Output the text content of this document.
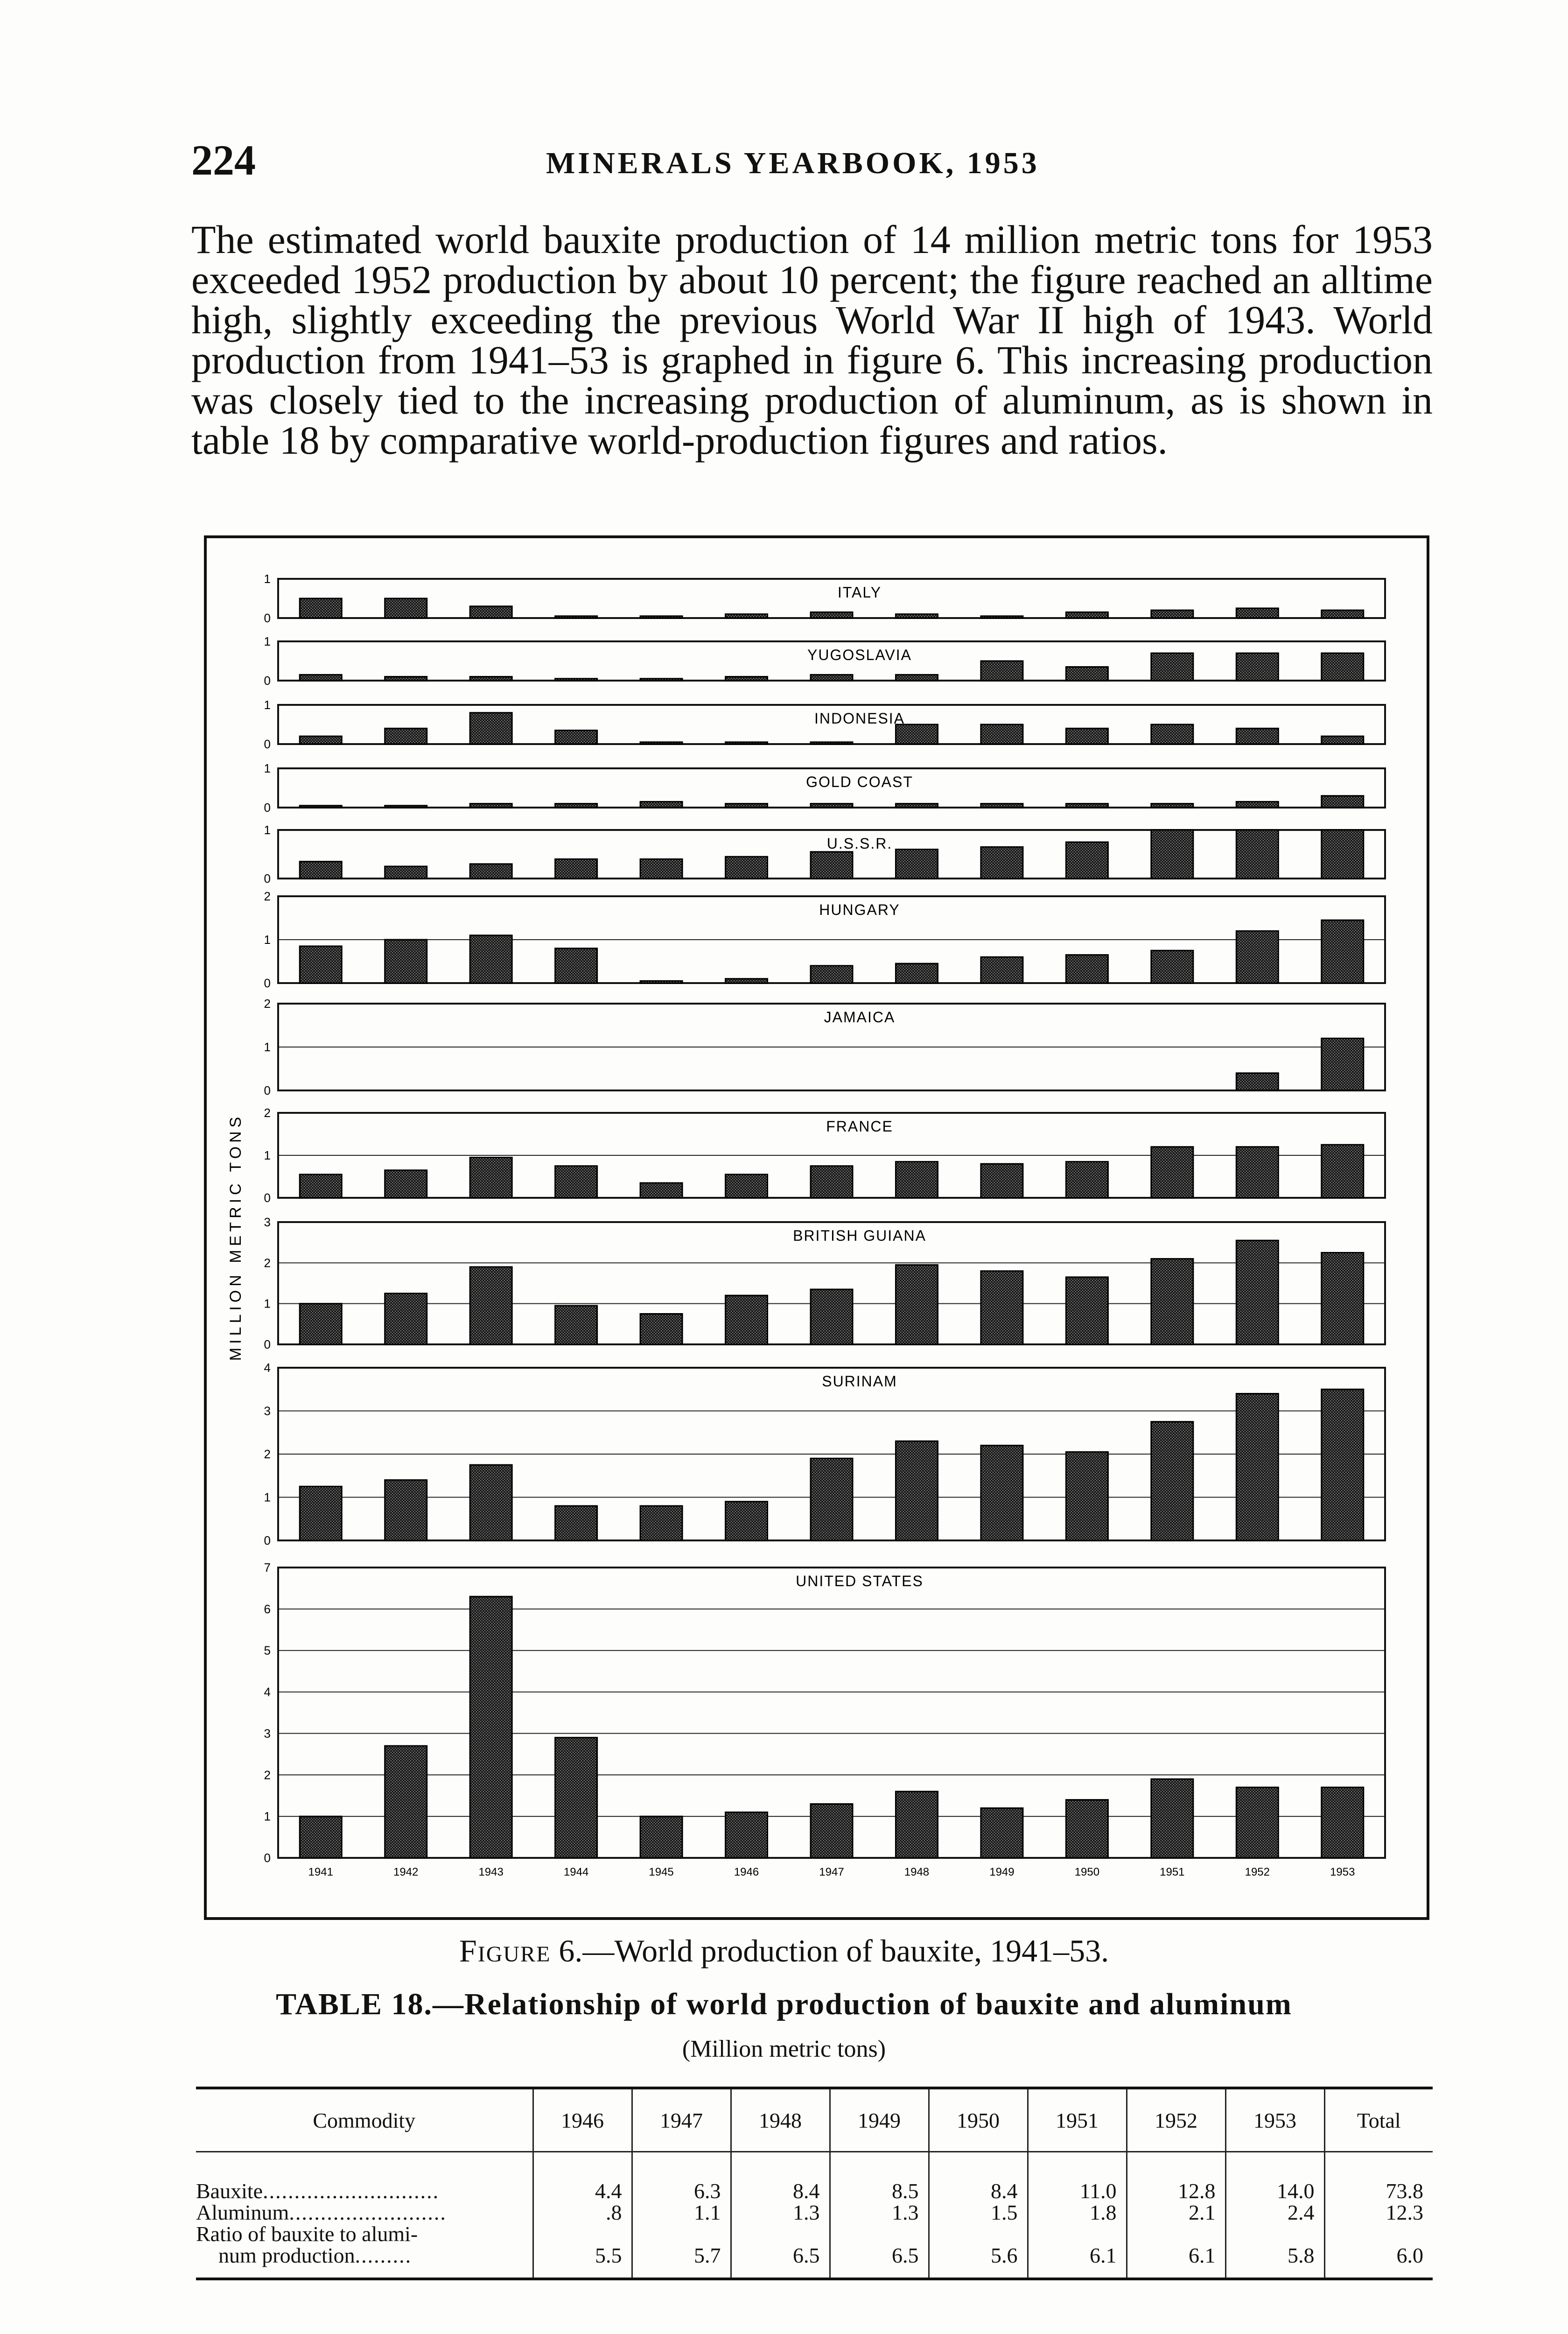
224	MINERALS YEARBOOK, 1953

The estimated world bauxite production of 14 million metric tons for 1953 exceeded 1952 production by about 10 percent; the figure reached an alltime high, slightly exceeding the previous World War II high of 1943. World production from 1941–53 is graphed in figure 6. This increasing production was closely tied to the increasing production of aluminum, as is shown in table 18 by comparative world-production figures and ratios.

MILLION METRIC TONS
0
1
ITALY
0
1
YUGOSLAVIA
0
1
INDONESIA
0
1
GOLD COAST
0
1
U.S.S.R.
0
1
2
HUNGARY
0
1
2
JAMAICA
0
1
2
FRANCE
0
1
2
3
BRITISH GUIANA
0
1
2
3
4
SURINAM
0
1
2
3
4
5
6
7
UNITED STATES
1941	1942	1943	1944	1945	1946	1947	1948	1949	1950	1951	1952	1953
Figure 6.—World production of bauxite, 1941–53.
TABLE 18.—Relationship of world production of bauxite and aluminum
(Million metric tons)
Commodity	1946	1947	1948	1949	1950	1951	1952	1953	Total
Bauxite............................	4.4	6.3	8.4	8.5	8.4	11.0	12.8	14.0	73.8
Aluminum.........................	.8	1.1	1.3	1.3	1.5	1.8	2.1	2.4	12.3

Ratio of bauxite to alumi-
num production.........	5.5	5.7	6.5	6.5	5.6	6.1	6.1	5.8	6.0
